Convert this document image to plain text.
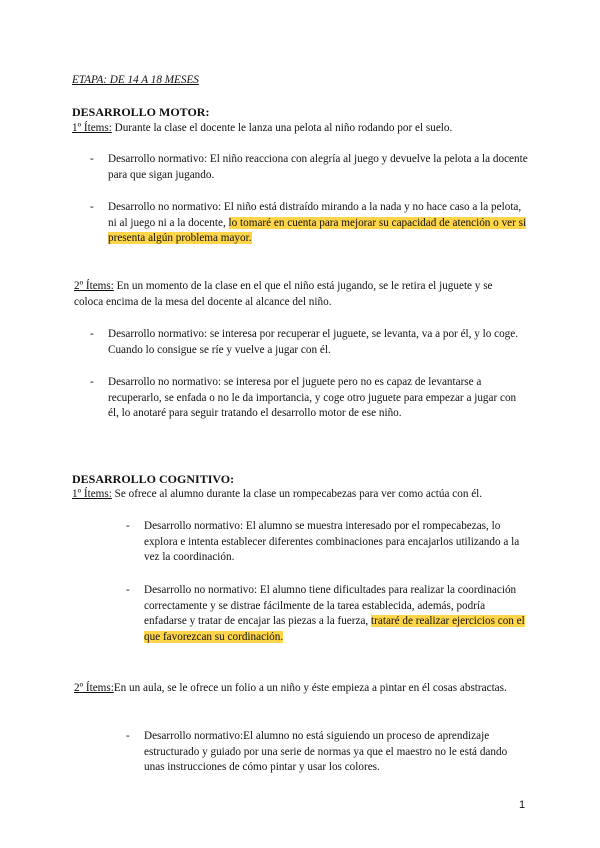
ETAPA: DE 14 A 18 MESES
DESARROLLO MOTOR:
1º Ítems: Durante la clase el docente le lanza una pelota al niño rodando por el suelo.
- Desarrollo normativo: El niño reacciona con alegría al juego y devuelve la pelota a la docente para que sigan jugando.
- Desarrollo no normativo: El niño está distraído mirando a la nada y no hace caso a la pelota, ni al juego ni a la docente, lo tomaré en cuenta para mejorar su capacidad de atención o ver si presenta algún problema mayor.
2º Ítems: En un momento de la clase en el que el niño está jugando, se le retira el juguete y se coloca encima de la mesa del docente al alcance del niño.
- Desarrollo normativo: se interesa por recuperar el juguete, se levanta, va a por él, y lo coge. Cuando lo consigue se ríe y vuelve a jugar con él.
- Desarrollo no normativo: se interesa por el juguete pero no es capaz de levantarse a recuperarlo, se enfada o no le da importancia, y coge otro juguete para empezar a jugar con él, lo anotaré para seguir tratando el desarrollo motor de ese niño.
DESARROLLO COGNITIVO:
1º Ítems: Se ofrece al alumno durante la clase un rompecabezas para ver como actúa con él.
- Desarrollo normativo: El alumno se muestra interesado por el rompecabezas, lo explora e intenta establecer diferentes combinaciones para encajarlos utilizando a la vez la coordinación.
- Desarrollo no normativo: El alumno tiene dificultades para realizar la coordinación correctamente y se distrae fácilmente de la tarea establecida, además, podría enfadarse y tratar de encajar las piezas a la fuerza, trataré de realizar ejercicios con el que favorezcan su cordinación.
2º Ítems:En un aula, se le ofrece un folio a un niño y éste empieza a pintar en él cosas abstractas.
- Desarrollo normativo:El alumno no está siguiendo un proceso de aprendizaje estructurado y guiado por una serie de normas ya que el maestro no le está dando unas instrucciones de cómo pintar y usar los colores.
1
